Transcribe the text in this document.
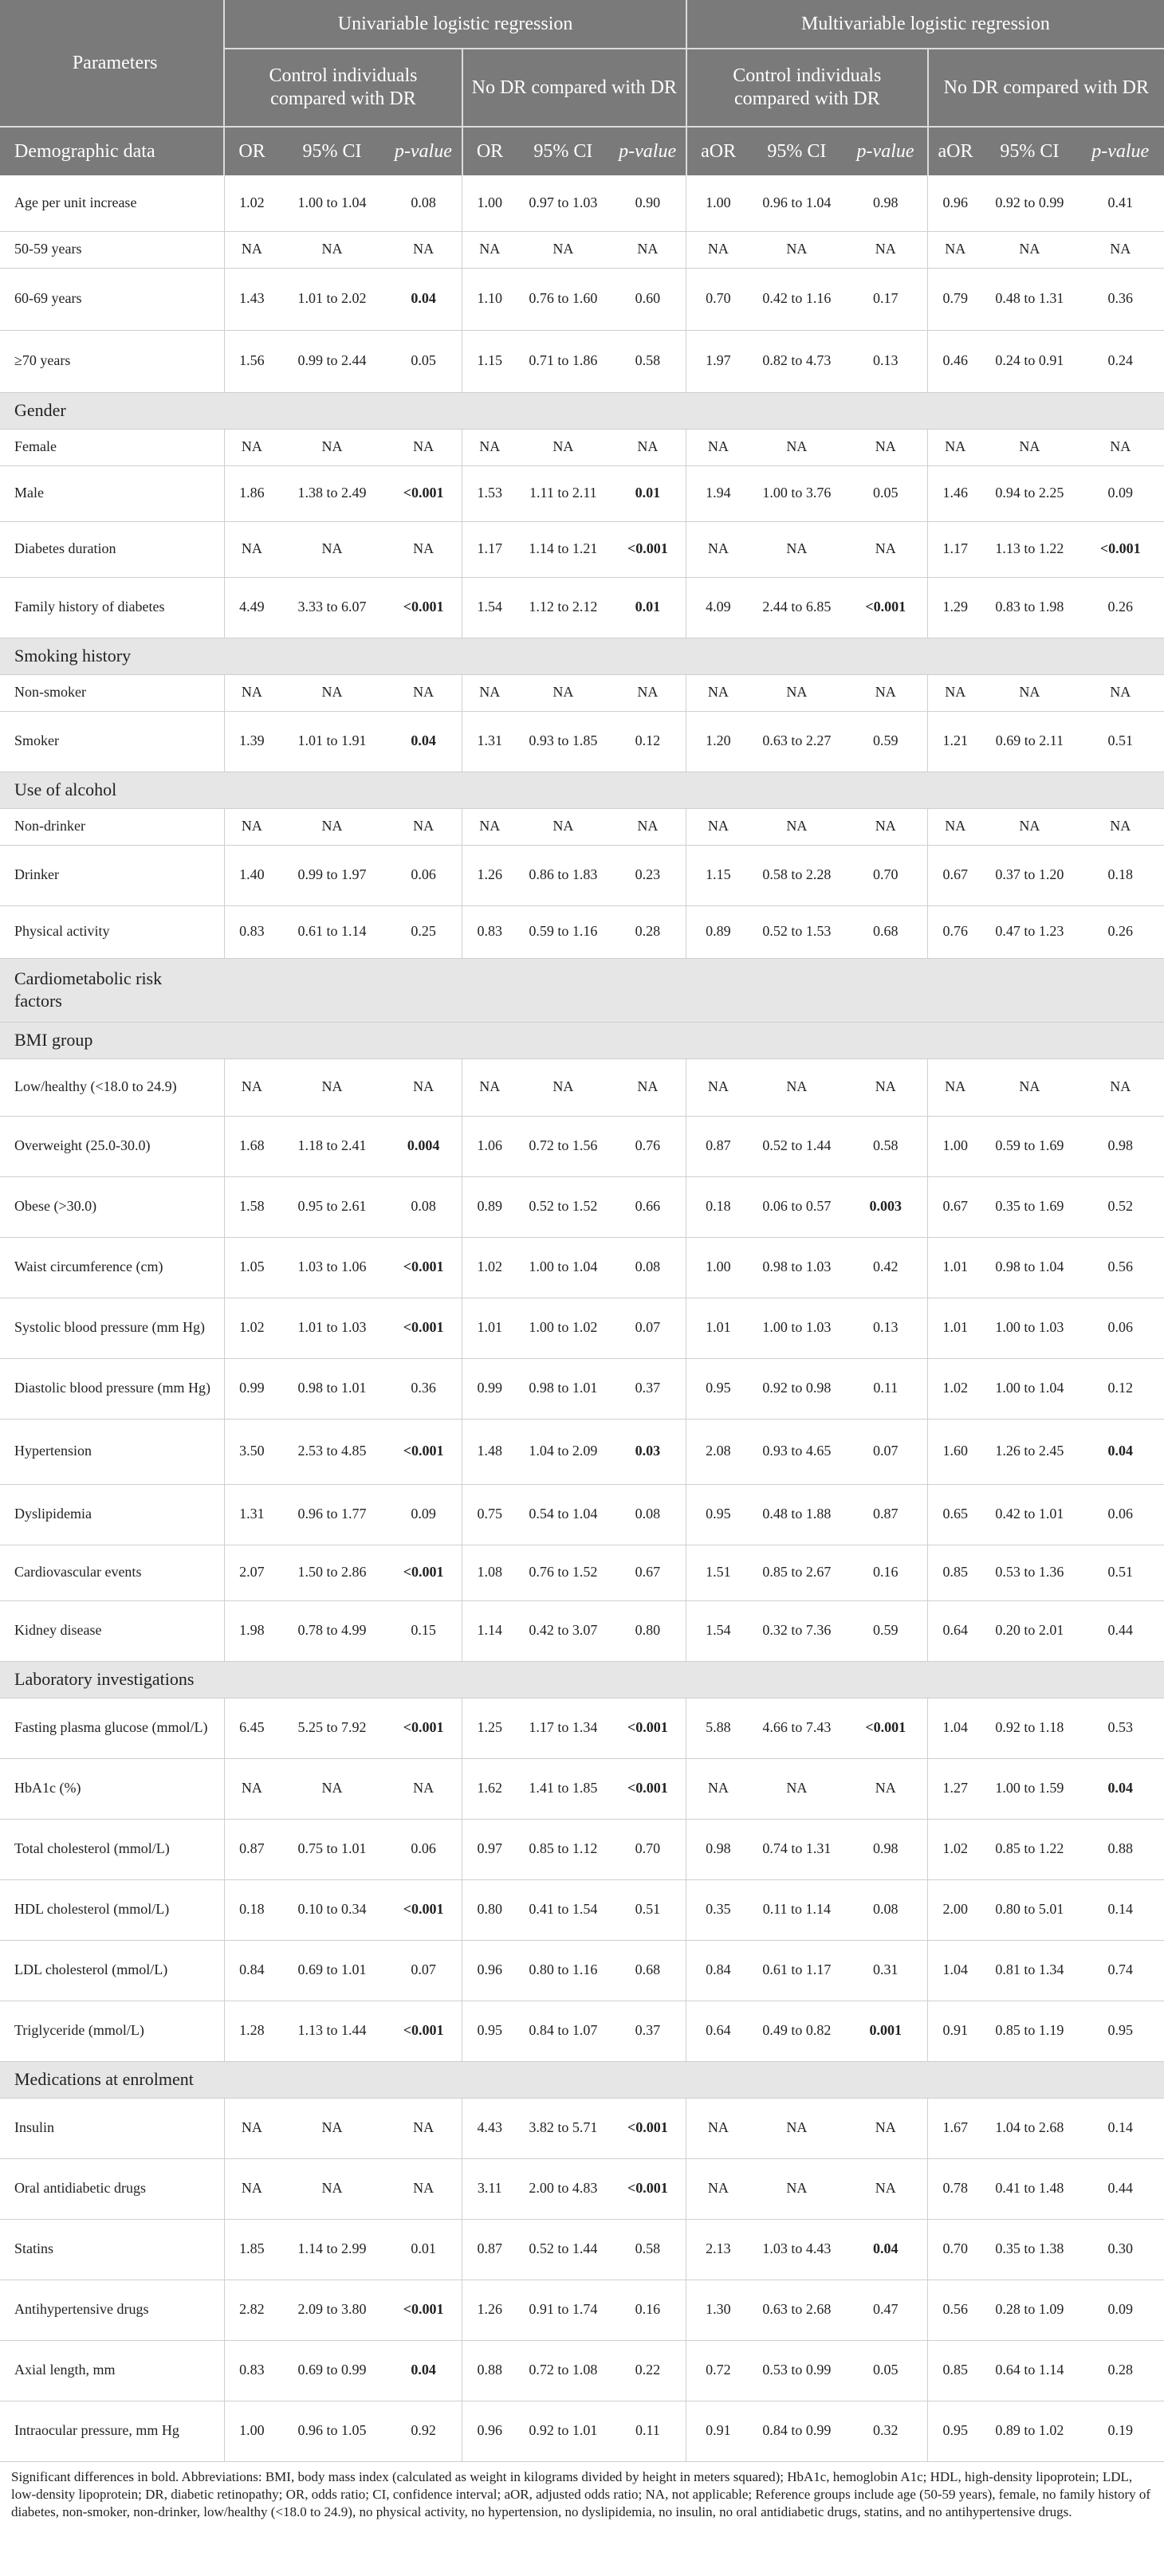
Parameters	Univariable logistic regression						Multivariable logistic regression					
	Control individuals compared with DR			No DR compared with DR			Control individuals compared with DR			No DR compared with DR		
Demographic data	OR	95% CI	p-value	OR	95% CI	p-value	aOR	95% CI	p-value	aOR	95% CI	p-value
Age per unit increase	1.02	1.00 to 1.04	0.08	1.00	0.97 to 1.03	0.90	1.00	0.96 to 1.04	0.98	0.96	0.92 to 0.99	0.41
50-59 years	NA	NA	NA	NA	NA	NA	NA	NA	NA	NA	NA	NA
60-69 years	1.43	1.01 to 2.02	0.04	1.10	0.76 to 1.60	0.60	0.70	0.42 to 1.16	0.17	0.79	0.48 to 1.31	0.36
≥70 years	1.56	0.99 to 2.44	0.05	1.15	0.71 to 1.86	0.58	1.97	0.82 to 4.73	0.13	0.46	0.24 to 0.91	0.24
Gender												
Female	NA	NA	NA	NA	NA	NA	NA	NA	NA	NA	NA	NA
Male	1.86	1.38 to 2.49	<0.001	1.53	1.11 to 2.11	0.01	1.94	1.00 to 3.76	0.05	1.46	0.94 to 2.25	0.09
Diabetes duration	NA	NA	NA	1.17	1.14 to 1.21	<0.001	NA	NA	NA	1.17	1.13 to 1.22	<0.001
Family history of diabetes	4.49	3.33 to 6.07	<0.001	1.54	1.12 to 2.12	0.01	4.09	2.44 to 6.85	<0.001	1.29	0.83 to 1.98	0.26
Smoking history												
Non-smoker	NA	NA	NA	NA	NA	NA	NA	NA	NA	NA	NA	NA
Smoker	1.39	1.01 to 1.91	0.04	1.31	0.93 to 1.85	0.12	1.20	0.63 to 2.27	0.59	1.21	0.69 to 2.11	0.51
Use of alcohol												
Non-drinker	NA	NA	NA	NA	NA	NA	NA	NA	NA	NA	NA	NA
Drinker	1.40	0.99 to 1.97	0.06	1.26	0.86 to 1.83	0.23	1.15	0.58 to 2.28	0.70	0.67	0.37 to 1.20	0.18
Physical activity	0.83	0.61 to 1.14	0.25	0.83	0.59 to 1.16	0.28	0.89	0.52 to 1.53	0.68	0.76	0.47 to 1.23	0.26
Cardiometabolic risk factors												
BMI group												
Low/healthy (<18.0 to 24.9)	NA	NA	NA	NA	NA	NA	NA	NA	NA	NA	NA	NA
Overweight (25.0-30.0)	1.68	1.18 to 2.41	0.004	1.06	0.72 to 1.56	0.76	0.87	0.52 to 1.44	0.58	1.00	0.59 to 1.69	0.98
Obese (>30.0)	1.58	0.95 to 2.61	0.08	0.89	0.52 to 1.52	0.66	0.18	0.06 to 0.57	0.003	0.67	0.35 to 1.69	0.52
Waist circumference (cm)	1.05	1.03 to 1.06	<0.001	1.02	1.00 to 1.04	0.08	1.00	0.98 to 1.03	0.42	1.01	0.98 to 1.04	0.56
Systolic blood pressure (mm Hg)	1.02	1.01 to 1.03	<0.001	1.01	1.00 to 1.02	0.07	1.01	1.00 to 1.03	0.13	1.01	1.00 to 1.03	0.06
Diastolic blood pressure (mm Hg)	0.99	0.98 to 1.01	0.36	0.99	0.98 to 1.01	0.37	0.95	0.92 to 0.98	0.11	1.02	1.00 to 1.04	0.12
Hypertension	3.50	2.53 to 4.85	<0.001	1.48	1.04 to 2.09	0.03	2.08	0.93 to 4.65	0.07	1.60	1.26 to 2.45	0.04
Dyslipidemia	1.31	0.96 to 1.77	0.09	0.75	0.54 to 1.04	0.08	0.95	0.48 to 1.88	0.87	0.65	0.42 to 1.01	0.06
Cardiovascular events	2.07	1.50 to 2.86	<0.001	1.08	0.76 to 1.52	0.67	1.51	0.85 to 2.67	0.16	0.85	0.53 to 1.36	0.51
Kidney disease	1.98	0.78 to 4.99	0.15	1.14	0.42 to 3.07	0.80	1.54	0.32 to 7.36	0.59	0.64	0.20 to 2.01	0.44
Laboratory investigations												
Fasting plasma glucose (mmol/L)	6.45	5.25 to 7.92	<0.001	1.25	1.17 to 1.34	<0.001	5.88	4.66 to 7.43	<0.001	1.04	0.92 to 1.18	0.53
HbA1c (%)	NA	NA	NA	1.62	1.41 to 1.85	<0.001	NA	NA	NA	1.27	1.00 to 1.59	0.04
Total cholesterol (mmol/L)	0.87	0.75 to 1.01	0.06	0.97	0.85 to 1.12	0.70	0.98	0.74 to 1.31	0.98	1.02	0.85 to 1.22	0.88
HDL cholesterol (mmol/L)	0.18	0.10 to 0.34	<0.001	0.80	0.41 to 1.54	0.51	0.35	0.11 to 1.14	0.08	2.00	0.80 to 5.01	0.14
LDL cholesterol (mmol/L)	0.84	0.69 to 1.01	0.07	0.96	0.80 to 1.16	0.68	0.84	0.61 to 1.17	0.31	1.04	0.81 to 1.34	0.74
Triglyceride (mmol/L)	1.28	1.13 to 1.44	<0.001	0.95	0.84 to 1.07	0.37	0.64	0.49 to 0.82	0.001	0.91	0.85 to 1.19	0.95
Medications at enrolment												
Insulin	NA	NA	NA	4.43	3.82 to 5.71	<0.001	NA	NA	NA	1.67	1.04 to 2.68	0.14
Oral antidiabetic drugs	NA	NA	NA	3.11	2.00 to 4.83	<0.001	NA	NA	NA	0.78	0.41 to 1.48	0.44
Statins	1.85	1.14 to 2.99	0.01	0.87	0.52 to 1.44	0.58	2.13	1.03 to 4.43	0.04	0.70	0.35 to 1.38	0.30
Antihypertensive drugs	2.82	2.09 to 3.80	<0.001	1.26	0.91 to 1.74	0.16	1.30	0.63 to 2.68	0.47	0.56	0.28 to 1.09	0.09
Axial length, mm	0.83	0.69 to 0.99	0.04	0.88	0.72 to 1.08	0.22	0.72	0.53 to 0.99	0.05	0.85	0.64 to 1.14	0.28
Intraocular pressure, mm Hg	1.00	0.96 to 1.05	0.92	0.96	0.92 to 1.01	0.11	0.91	0.84 to 0.99	0.32	0.95	0.89 to 1.02	0.19
Significant differences in bold. Abbreviations: BMI, body mass index (calculated as weight in kilograms divided by height in meters squared); HbA1c, hemoglobin A1c; HDL, high-density lipoprotein; LDL, low-density lipoprotein; DR, diabetic retinopathy; OR, odds ratio; CI, confidence interval; aOR, adjusted odds ratio; NA, not applicable; Reference groups include age (50-59 years), female, no family history of diabetes, non-smoker, non-drinker, low/healthy (<18.0 to 24.9), no physical activity, no hypertension, no dyslipidemia, no insulin, no oral antidiabetic drugs, statins, and no antihypertensive drugs.
